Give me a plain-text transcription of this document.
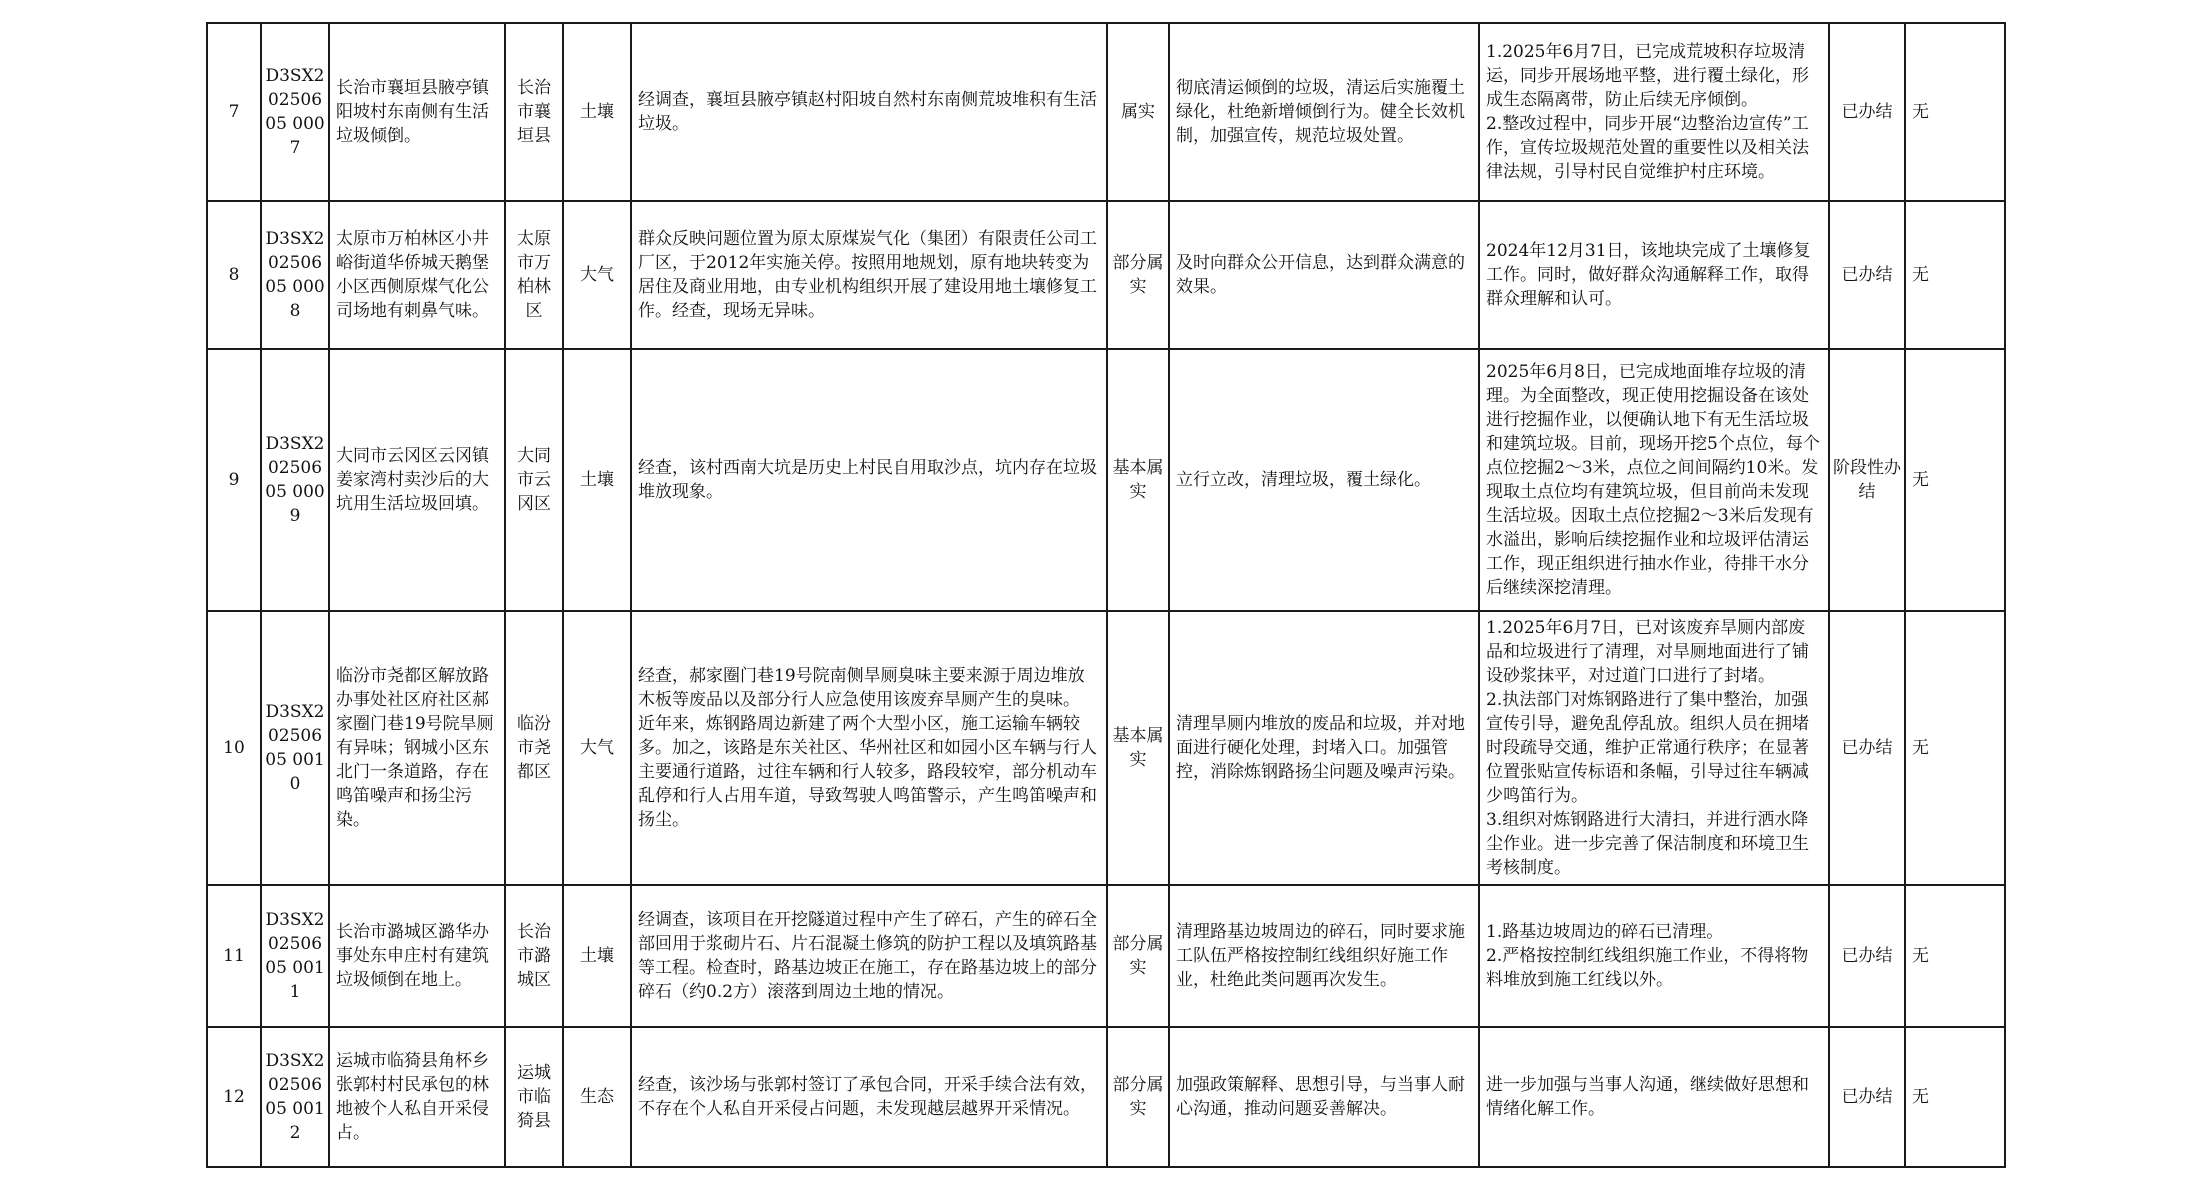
7	D3SX20250605 0007	长治市襄垣县腋亭镇阳坡村东南侧有生活垃圾倾倒。	长治市襄垣县	土壤	经调查，襄垣县腋亭镇赵村阳坡自然村东南侧荒坡堆积有生活垃圾。	属实	彻底清运倾倒的垃圾，清运后实施覆土绿化，杜绝新增倾倒行为。健全长效机制，加强宣传，规范垃圾处置。	1.2025年6月7日，已完成荒坡积存垃圾清运，同步开展场地平整，进行覆土绿化，形成生态隔离带，防止后续无序倾倒。
2.整改过程中，同步开展“边整治边宣传”工作，宣传垃圾规范处置的重要性以及相关法律法规，引导村民自觉维护村庄环境。	已办结	无
8	D3SX20250605 0008	太原市万柏林区小井峪街道华侨城天鹅堡小区西侧原煤气化公司场地有刺鼻气味。	太原市万柏林区	大气	群众反映问题位置为原太原煤炭气化（集团）有限责任公司工厂区，于2012年实施关停。按照用地规划，原有地块转变为居住及商业用地，由专业机构组织开展了建设用地土壤修复工作。经查，现场无异味。	部分属实	及时向群众公开信息，达到群众满意的效果。	2024年12月31日，该地块完成了土壤修复工作。同时，做好群众沟通解释工作，取得群众理解和认可。	已办结	无
9	D3SX20250605 0009	大同市云冈区云冈镇姜家湾村卖沙后的大坑用生活垃圾回填。	大同市云冈区	土壤	经查，该村西南大坑是历史上村民自用取沙点，坑内存在垃圾堆放现象。	基本属实	立行立改，清理垃圾，覆土绿化。	2025年6月8日，已完成地面堆存垃圾的清理。为全面整改，现正使用挖掘设备在该处进行挖掘作业，以便确认地下有无生活垃圾和建筑垃圾。目前，现场开挖5个点位，每个点位挖掘2～3米，点位之间间隔约10米。发现取土点位均有建筑垃圾，但目前尚未发现生活垃圾。因取土点位挖掘2～3米后发现有水溢出，影响后续挖掘作业和垃圾评估清运工作，现正组织进行抽水作业，待排干水分后继续深挖清理。	阶段性办结	无
10	D3SX20250605 0010	临汾市尧都区解放路办事处社区府社区郝家圈门巷19号院旱厕有异味；钢城小区东北门一条道路，存在鸣笛噪声和扬尘污染。	临汾市尧都区	大气	经查，郝家圈门巷19号院南侧旱厕臭味主要来源于周边堆放木板等废品以及部分行人应急使用该废弃旱厕产生的臭味。
近年来，炼钢路周边新建了两个大型小区，施工运输车辆较多。加之，该路是东关社区、华州社区和如园小区车辆与行人主要通行道路，过往车辆和行人较多，路段较窄，部分机动车乱停和行人占用车道，导致驾驶人鸣笛警示，产生鸣笛噪声和扬尘。	基本属实	清理旱厕内堆放的废品和垃圾，并对地面进行硬化处理，封堵入口。加强管控，消除炼钢路扬尘问题及噪声污染。	1.2025年6月7日，已对该废弃旱厕内部废品和垃圾进行了清理，对旱厕地面进行了铺设砂浆抹平，对过道门口进行了封堵。
2.执法部门对炼钢路进行了集中整治，加强宣传引导，避免乱停乱放。组织人员在拥堵时段疏导交通，维护正常通行秩序；在显著位置张贴宣传标语和条幅，引导过往车辆减少鸣笛行为。
3.组织对炼钢路进行大清扫，并进行洒水降尘作业。进一步完善了保洁制度和环境卫生考核制度。	已办结	无
11	D3SX20250605 0011	长治市潞城区潞华办事处东申庄村有建筑垃圾倾倒在地上。	长治市潞城区	土壤	经调查，该项目在开挖隧道过程中产生了碎石，产生的碎石全部回用于浆砌片石、片石混凝土修筑的防护工程以及填筑路基等工程。检查时，路基边坡正在施工，存在路基边坡上的部分碎石（约0.2方）滚落到周边土地的情况。	部分属实	清理路基边坡周边的碎石，同时要求施工队伍严格按控制红线组织好施工作业，杜绝此类问题再次发生。	1.路基边坡周边的碎石已清理。
2.严格按控制红线组织施工作业，不得将物料堆放到施工红线以外。	已办结	无
12	D3SX20250605 0012	运城市临猗县角杯乡张郭村村民承包的林地被个人私自开采侵占。	运城市临猗县	生态	经查，该沙场与张郭村签订了承包合同，开采手续合法有效，不存在个人私自开采侵占问题，未发现越层越界开采情况。	部分属实	加强政策解释、思想引导，与当事人耐心沟通，推动问题妥善解决。	进一步加强与当事人沟通，继续做好思想和情绪化解工作。	已办结	无
